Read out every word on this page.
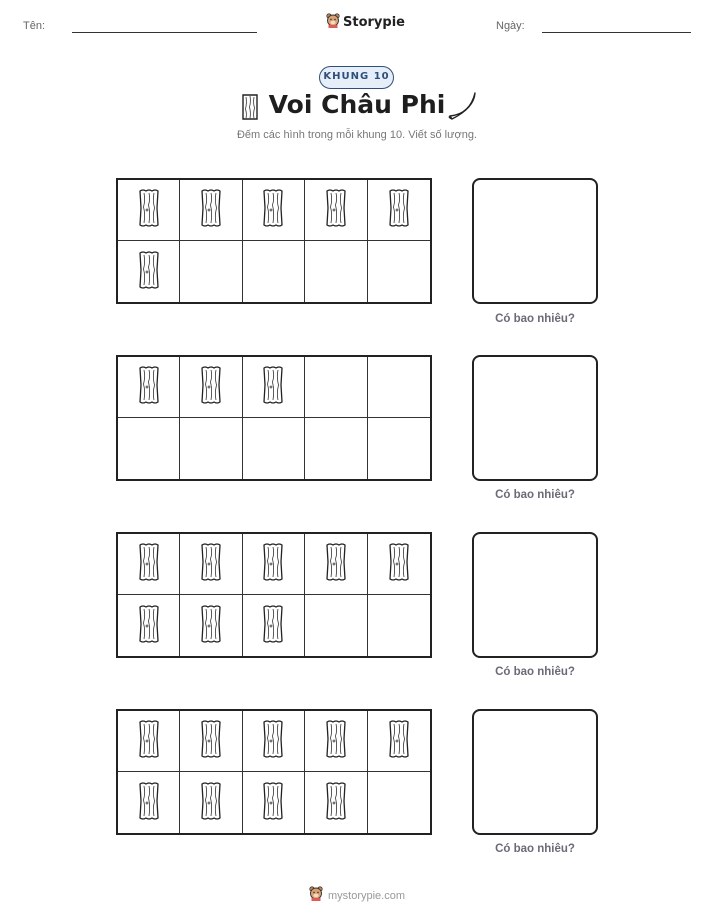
Tên:	Ngày:
Storypie
KHUNG 10
Voi Châu Phi
Đếm các hình trong mỗi khung 10. Viết số lượng.
Có bao nhiêu?
Có bao nhiêu?
Có bao nhiêu?
Có bao nhiêu?
mystorypie.com
